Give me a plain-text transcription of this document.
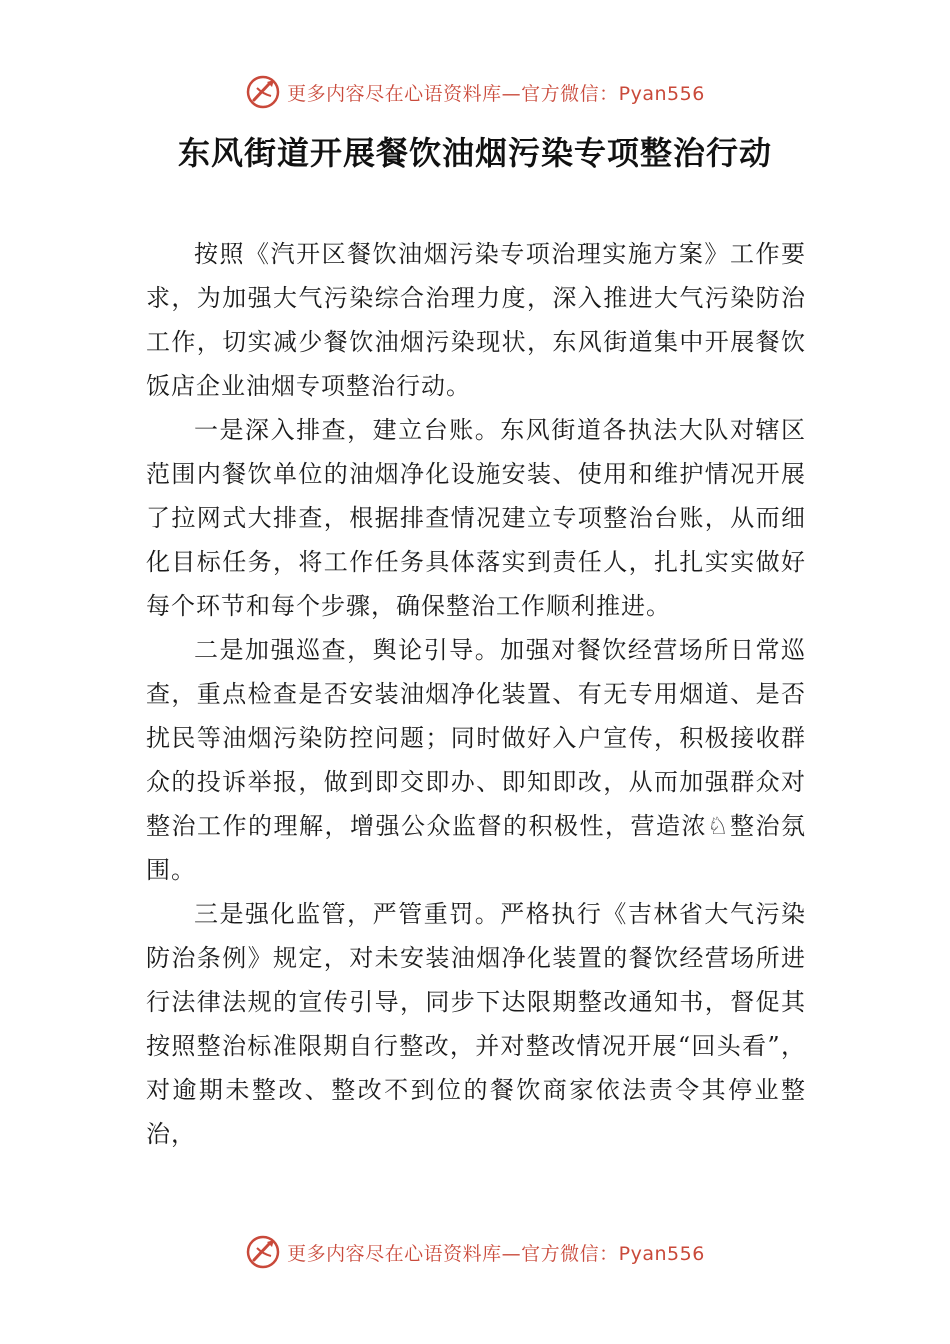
更多内容尽在心语资料库—官方微信：Pyan556
东风街道开展餐饮油烟污染专项整治行动

按照《汽开区餐饮油烟污染专项治理实施方案》工作要求，为加强大气污染综合治理力度，深入推进大气污染防治工作，切实减少餐饮油烟污染现状，东风街道集中开展餐饮饭店企业油烟专项整治行动。

一是深入排查，建立台账。东风街道各执法大队对辖区范围内餐饮单位的油烟净化设施安装、使用和维护情况开展了拉网式大排查，根据排查情况建立专项整治台账，从而细化目标任务，将工作任务具体落实到责任人，扎扎实实做好每个环节和每个步骤，确保整治工作顺利推进。

二是加强巡查，舆论引导。加强对餐饮经营场所日常巡查，重点检查是否安装油烟净化装置、有无专用烟道、是否扰民等油烟污染防控问题；同时做好入户宣传，积极接收群众的投诉举报，做到即交即办、即知即改，从而加强群众对整治工作的理解，增强公众监督的积极性，营造浓♘整治氛围。

三是强化监管，严管重罚。严格执行《吉林省大气污染防治条例》规定，对未安装油烟净化装置的餐饮经营场所进行法律法规的宣传引导，同步下达限期整改通知书，督促其按照整治标准限期自行整改，并对整改情况开展“回头看”， 对逾期未整改、整改不到位的餐饮商家依法责令其停业整治，

更多内容尽在心语资料库—官方微信：Pyan556
